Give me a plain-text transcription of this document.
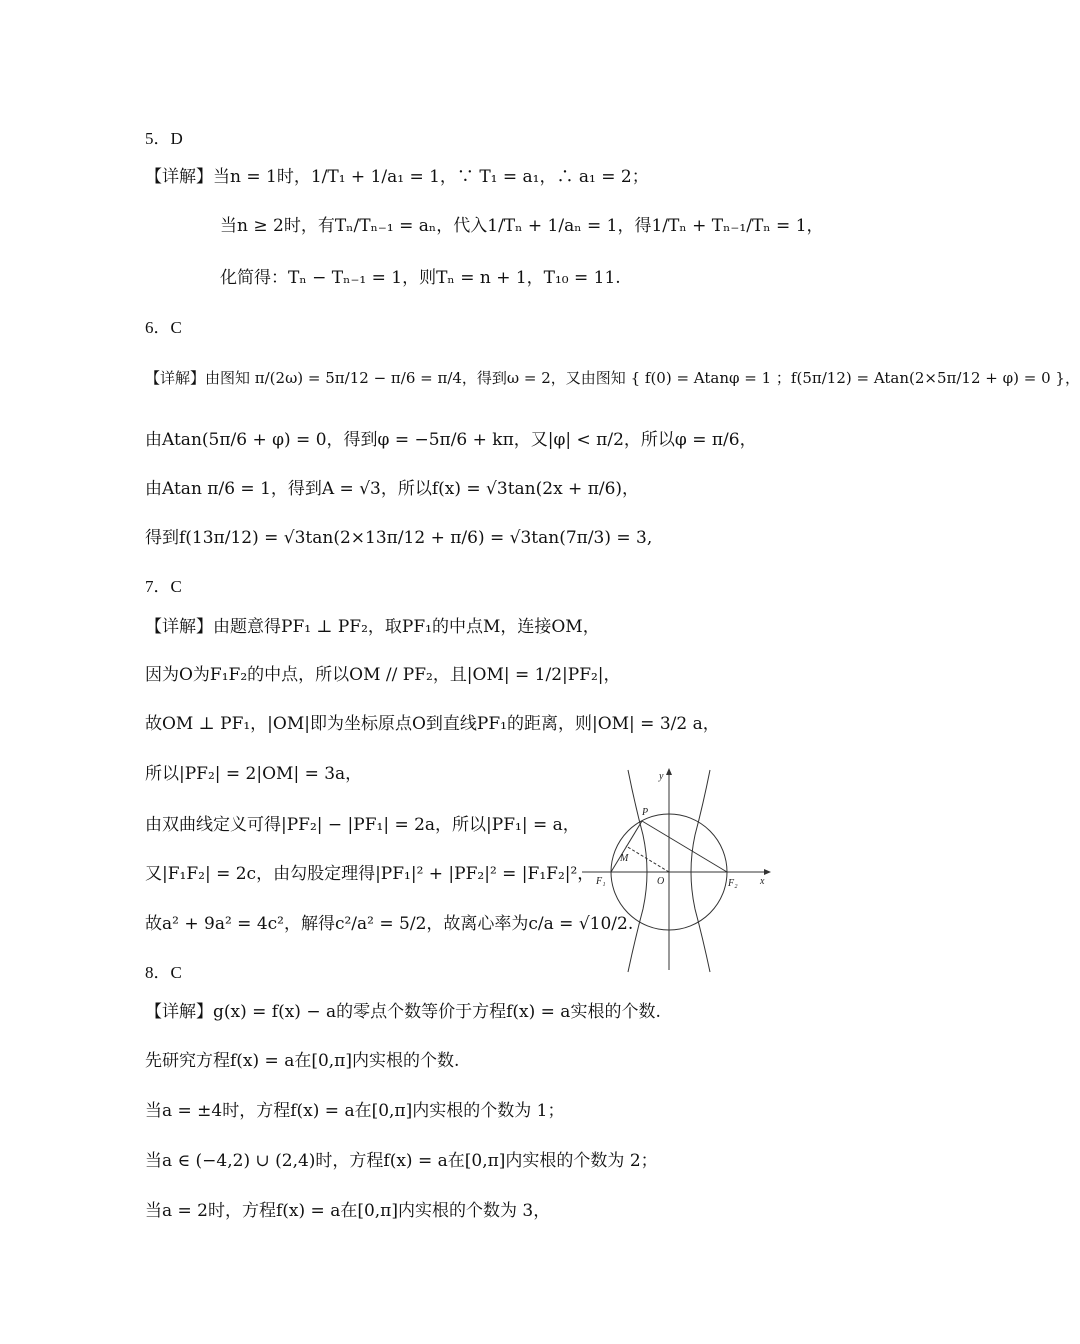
5．D
【详解】当n = 1时，1/T₁ + 1/a₁ = 1，∵ T₁ = a₁，∴ a₁ = 2；
当n ≥ 2时，有Tₙ/Tₙ₋₁ = aₙ，代入1/Tₙ + 1/aₙ = 1，得1/Tₙ + Tₙ₋₁/Tₙ = 1，
化简得：Tₙ − Tₙ₋₁ = 1，则Tₙ = n + 1，T₁₀ = 11.
6．C
【详解】由图知 π/(2ω) = 5π/12 − π/6 = π/4，得到ω = 2，又由图知 { f(0) = Atanφ = 1 ；f(5π/12) = Atan(2×5π/12 + φ) = 0 }，
由Atan(5π/6 + φ) = 0，得到φ = −5π/6 + kπ，又|φ| < π/2，所以φ = π/6，
由Atan π/6 = 1，得到A = √3，所以f(x) = √3tan(2x + π/6)，
得到f(13π/12) = √3tan(2×13π/12 + π/6) = √3tan(7π/3) = 3,
7．C
【详解】由题意得PF₁ ⊥ PF₂，取PF₁的中点M，连接OM，
因为O为F₁F₂的中点，所以OM // PF₂，且|OM| = 1/2|PF₂|，
故OM ⊥ PF₁，|OM|即为坐标原点O到直线PF₁的距离，则|OM| = 3/2 a，
所以|PF₂| = 2|OM| = 3a，
由双曲线定义可得|PF₂| − |PF₁| = 2a，所以|PF₁| = a，
又|F₁F₂| = 2c，由勾股定理得|PF₁|² + |PF₂|² = |F₁F₂|²，
故a² + 9a² = 4c²，解得c²/a² = 5/2，故离心率为c/a = √10/2.
y
x
P
M
O
F₁	F₂
8．C
【详解】g(x) = f(x) − a的零点个数等价于方程f(x) = a实根的个数.
先研究方程f(x) = a在[0,π]内实根的个数.
当a = ±4时，方程f(x) = a在[0,π]内实根的个数为 1；
当a ∈ (−4,2) ∪ (2,4)时，方程f(x) = a在[0,π]内实根的个数为 2；
当a = 2时，方程f(x) = a在[0,π]内实根的个数为 3，
